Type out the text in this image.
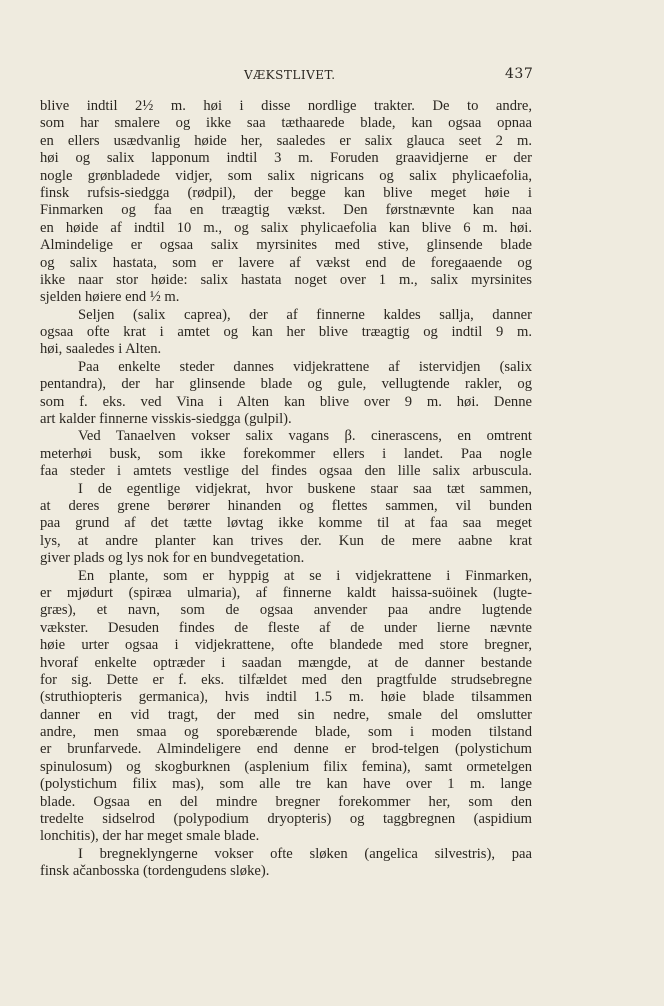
VÆKSTLIVET.	437
blive indtil 2½ m. høi i disse nordlige trakter. De to andre,
som har smalere og ikke saa tæthaarede blade, kan ogsaa opnaa
en ellers usædvanlig høide her, saaledes er salix glauca seet 2 m.
høi og salix lapponum indtil 3 m. Foruden graavidjerne er der
nogle grønbladede vidjer, som salix nigricans og salix phylicaefolia,
finsk rufsis-siedgga (rødpil), der begge kan blive meget høie i
Finmarken og faa en træagtig vækst. Den førstnævnte kan naa
en høide af indtil 10 m., og salix phylicaefolia kan blive 6 m. høi.
Almindelige er ogsaa salix myrsinites med stive, glinsende blade
og salix hastata, som er lavere af vækst end de foregaaende og
ikke naar stor høide: salix hastata noget over 1 m., salix myrsinites
sjelden høiere end ½ m.
Seljen (salix caprea), der af finnerne kaldes sallja, danner
ogsaa ofte krat i amtet og kan her blive træagtig og indtil 9 m.
høi, saaledes i Alten.
Paa enkelte steder dannes vidjekrattene af istervidjen (salix
pentandra), der har glinsende blade og gule, vellugtende rakler, og
som f. eks. ved Vina i Alten kan blive over 9 m. høi. Denne
art kalder finnerne visskis-siedgga (gulpil).
Ved Tanaelven vokser salix vagans β. cinerascens, en omtrent
meterhøi busk, som ikke forekommer ellers i landet. Paa nogle
faa steder i amtets vestlige del findes ogsaa den lille salix arbuscula.
I de egentlige vidjekrat, hvor buskene staar saa tæt sammen,
at deres grene berører hinanden og flettes sammen, vil bunden
paa grund af det tætte løvtag ikke komme til at faa saa meget
lys, at andre planter kan trives der. Kun de mere aabne krat
giver plads og lys nok for en bundvegetation.
En plante, som er hyppig at se i vidjekrattene i Finmarken,
er mjødurt (spiræa ulmaria), af finnerne kaldt haissa-suöinek (lugte-
græs), et navn, som de ogsaa anvender paa andre lugtende
vækster. Desuden findes de fleste af de under lierne nævnte
høie urter ogsaa i vidjekrattene, ofte blandede med store bregner,
hvoraf enkelte optræder i saadan mængde, at de danner bestande
for sig. Dette er f. eks. tilfældet med den pragtfulde strudsebregne
(struthiopteris germanica), hvis indtil 1.5 m. høie blade tilsammen
danner en vid tragt, der med sin nedre, smale del omslutter
andre, men smaa og sporebærende blade, som i moden tilstand
er brunfarvede. Almindeligere end denne er brod-telgen (polystichum
spinulosum) og skogburknen (asplenium filix femina), samt ormetelgen
(polystichum filix mas), som alle tre kan have over 1 m. lange
blade. Ogsaa en del mindre bregner forekommer her, som den
tredelte sidselrod (polypodium dryopteris) og taggbregnen (aspidium
lonchitis), der har meget smale blade.
I bregneklyngerne vokser ofte sløken (angelica silvestris), paa
finsk ačanbosska (tordengudens sløke).
